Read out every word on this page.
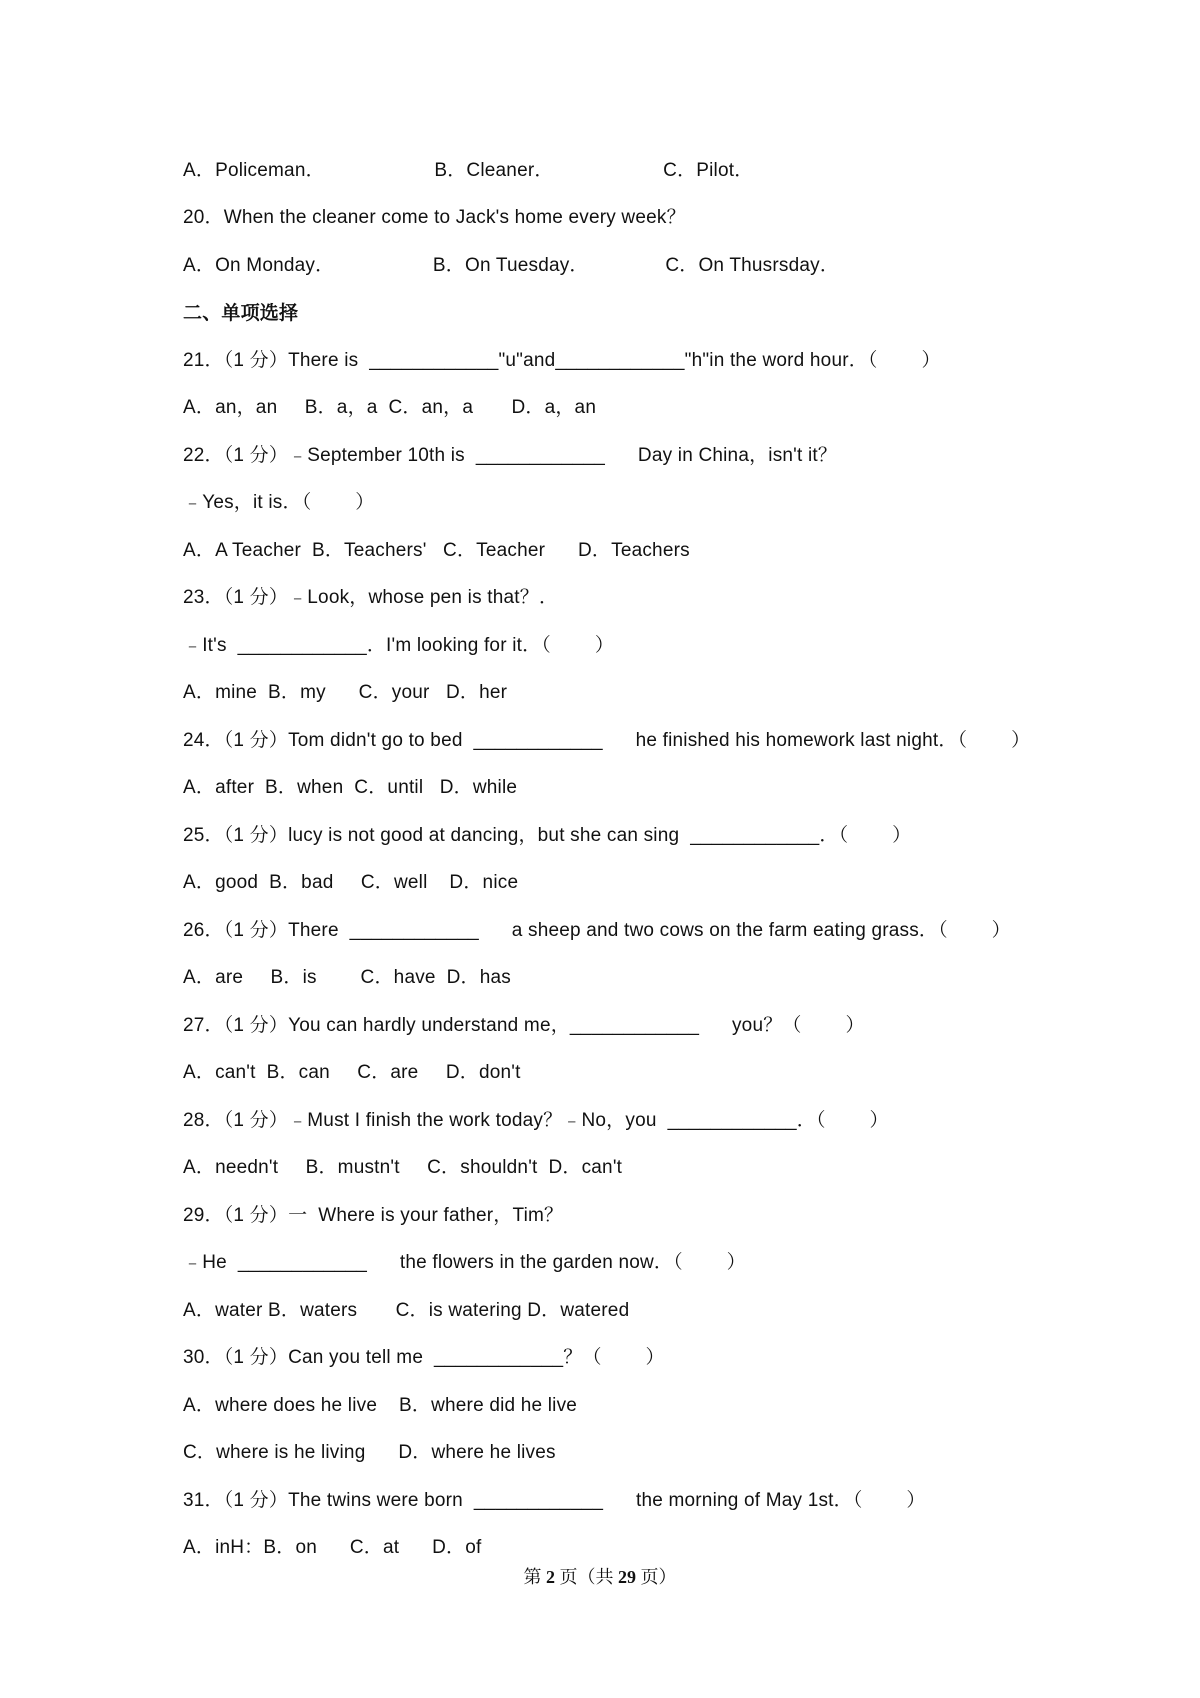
A．Policeman．                    B．Cleaner．                    C．Pilot．
20．When the cleaner come to Jack's home every week？
A．On Monday．                  B．On Tuesday．              C．On Thusrsday．
二、单项选择
21．（1 分）There is  ____________"u"and____________"h"in the word hour．（        ）
A．an，an     B．a，a  C．an，a       D．a，an
22．（1 分）﹣September 10th is  ____________      Day in China，isn't it？
﹣Yes，it is．（        ）
A．A Teacher  B．Teachers'   C．Teacher      D．Teachers
23．（1 分）﹣Look，whose pen is that？．
﹣It's  ____________．I'm looking for it．（        ）
A．mine  B．my      C．your   D．her
24．（1 分）Tom didn't go to bed  ____________      he finished his homework last night．（        ）
A．after  B．when  C．until   D．while
25．（1 分）lucy is not good at dancing，but she can sing  ____________．（        ）
A．good  B．bad     C．well    D．nice
26．（1 分）There  ____________      a sheep and two cows on the farm eating grass．（        ）
A．are     B．is        C．have  D．has
27．（1 分）You can hardly understand me，____________      you？（        ）
A．can't  B．can     C．are     D．don't
28．（1 分）﹣Must I finish the work today？﹣No，you  ____________．（        ）
A．needn't     B．mustn't     C．shouldn't  D．can't
29．（1 分）一  Where is your father，Tim？
﹣He  ____________      the flowers in the garden now．（        ）
A．water B．waters       C．is watering D．watered
30．（1 分）Can you tell me  ____________？（        ）
A．where does he live    B．where did he live
C．where is he living      D．where he lives
31．（1 分）The twins were born  ____________      the morning of May 1st．（        ）
A．inH：B．on      C．at      D．of
第 2 页（共 29 页）
